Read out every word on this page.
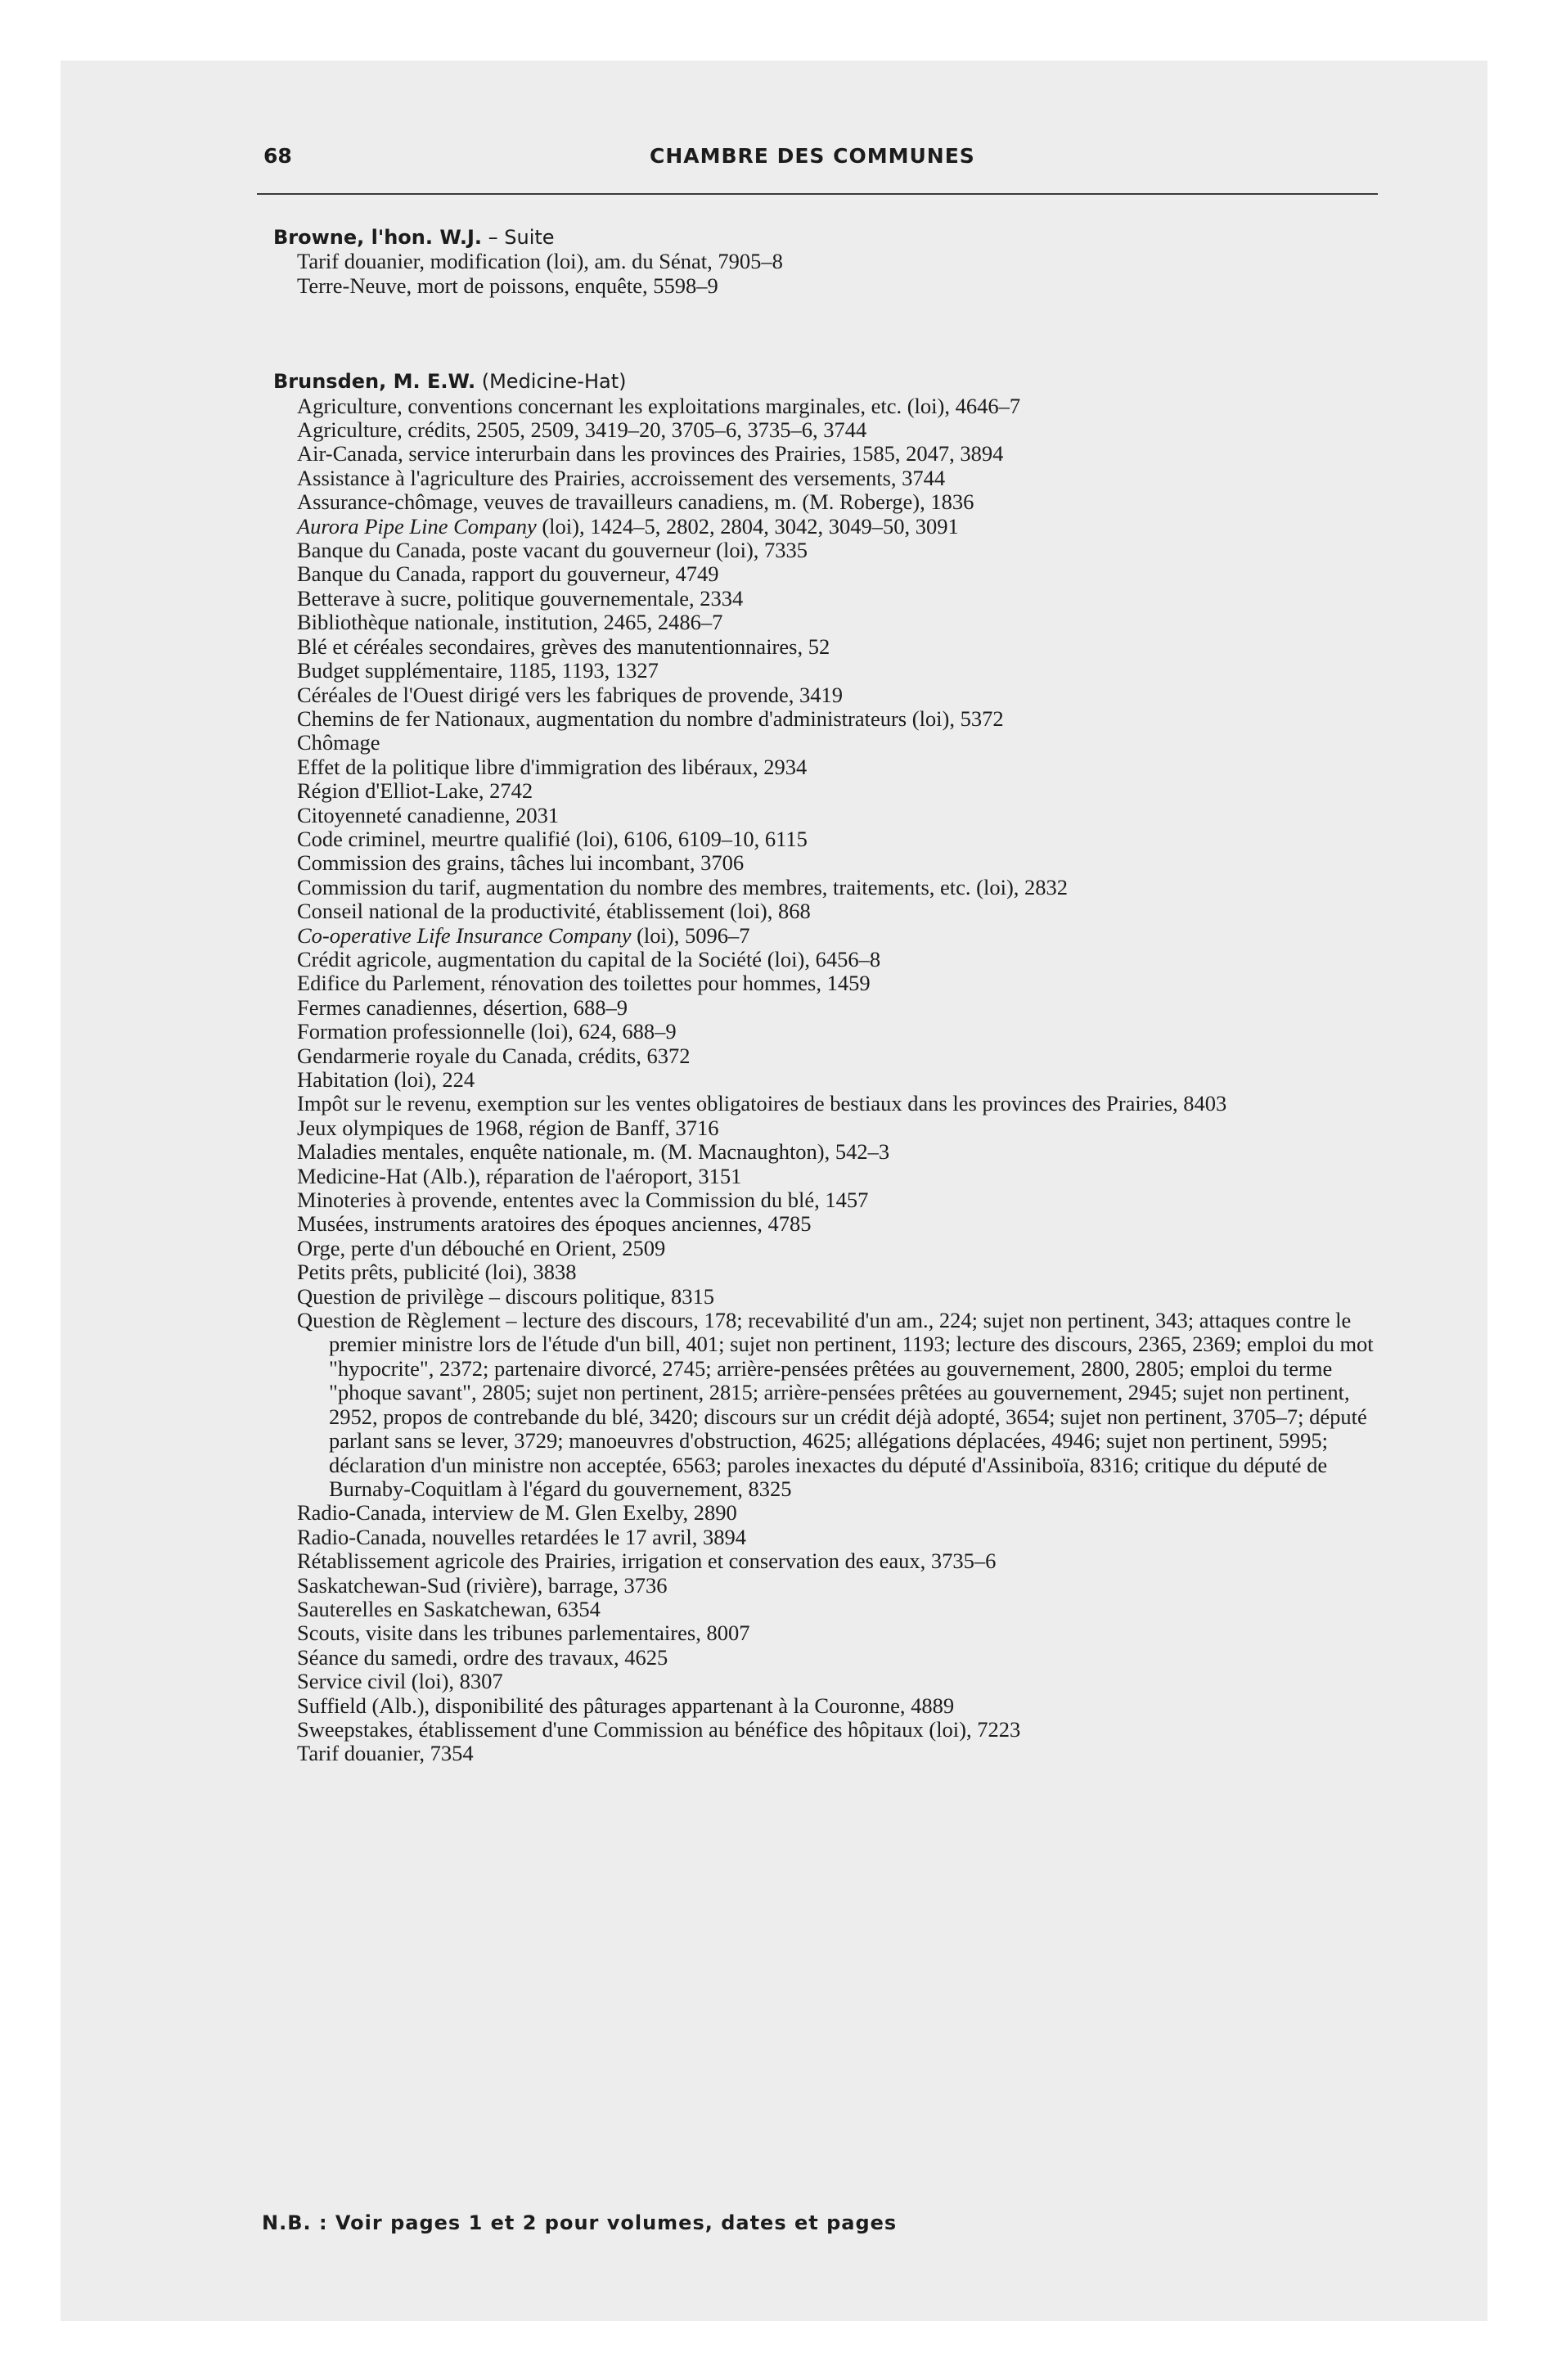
68	CHAMBRE DES COMMUNES
Browne, l'hon. W.J. – Suite
Tarif douanier, modification (loi), am. du Sénat, 7905–8
Terre-Neuve, mort de poissons, enquête, 5598–9
Brunsden, M. E.W. (Medicine-Hat)
Agriculture, conventions concernant les exploitations marginales, etc. (loi), 4646–7
Agriculture, crédits, 2505, 2509, 3419–20, 3705–6, 3735–6, 3744
Air-Canada, service interurbain dans les provinces des Prairies, 1585, 2047, 3894
Assistance à l'agriculture des Prairies, accroissement des versements, 3744
Assurance-chômage, veuves de travailleurs canadiens, m. (M. Roberge), 1836
Aurora Pipe Line Company (loi), 1424–5, 2802, 2804, 3042, 3049–50, 3091
Banque du Canada, poste vacant du gouverneur (loi), 7335
Banque du Canada, rapport du gouverneur, 4749
Betterave à sucre, politique gouvernementale, 2334
Bibliothèque nationale, institution, 2465, 2486–7
Blé et céréales secondaires, grèves des manutentionnaires, 52
Budget supplémentaire, 1185, 1193, 1327
Céréales de l'Ouest dirigé vers les fabriques de provende, 3419
Chemins de fer Nationaux, augmentation du nombre d'administrateurs (loi), 5372
Chômage
Effet de la politique libre d'immigration des libéraux, 2934
Région d'Elliot-Lake, 2742
Citoyenneté canadienne, 2031
Code criminel, meurtre qualifié (loi), 6106, 6109–10, 6115
Commission des grains, tâches lui incombant, 3706
Commission du tarif, augmentation du nombre des membres, traitements, etc. (loi), 2832
Conseil national de la productivité, établissement (loi), 868
Co-operative Life Insurance Company (loi), 5096–7
Crédit agricole, augmentation du capital de la Société (loi), 6456–8
Edifice du Parlement, rénovation des toilettes pour hommes, 1459
Fermes canadiennes, désertion, 688–9
Formation professionnelle (loi), 624, 688–9
Gendarmerie royale du Canada, crédits, 6372
Habitation (loi), 224
Impôt sur le revenu, exemption sur les ventes obligatoires de bestiaux dans les provinces des Prairies, 8403
Jeux olympiques de 1968, région de Banff, 3716
Maladies mentales, enquête nationale, m. (M. Macnaughton), 542–3
Medicine-Hat (Alb.), réparation de l'aéroport, 3151
Minoteries à provende, ententes avec la Commission du blé, 1457
Musées, instruments aratoires des époques anciennes, 4785
Orge, perte d'un débouché en Orient, 2509
Petits prêts, publicité (loi), 3838
Question de privilège – discours politique, 8315
Question de Règlement – lecture des discours, 178; recevabilité d'un am., 224; sujet non pertinent, 343; attaques contre le premier ministre lors de l'étude d'un bill, 401; sujet non pertinent, 1193; lecture des discours, 2365, 2369; emploi du mot "hypocrite", 2372; partenaire divorcé, 2745; arrière-pensées prêtées au gouvernement, 2800, 2805; emploi du terme "phoque savant", 2805; sujet non pertinent, 2815; arrière-pensées prêtées au gouvernement, 2945; sujet non pertinent, 2952, propos de contrebande du blé, 3420; discours sur un crédit déjà adopté, 3654; sujet non pertinent, 3705–7; député parlant sans se lever, 3729; manoeuvres d'obstruction, 4625; allégations déplacées, 4946; sujet non pertinent, 5995; déclaration d'un ministre non acceptée, 6563; paroles inexactes du député d'Assiniboïa, 8316; critique du député de Burnaby-Coquitlam à l'égard du gouvernement, 8325
Radio-Canada, interview de M. Glen Exelby, 2890
Radio-Canada, nouvelles retardées le 17 avril, 3894
Rétablissement agricole des Prairies, irrigation et conservation des eaux, 3735–6
Saskatchewan-Sud (rivière), barrage, 3736
Sauterelles en Saskatchewan, 6354
Scouts, visite dans les tribunes parlementaires, 8007
Séance du samedi, ordre des travaux, 4625
Service civil (loi), 8307
Suffield (Alb.), disponibilité des pâturages appartenant à la Couronne, 4889
Sweepstakes, établissement d'une Commission au bénéfice des hôpitaux (loi), 7223
Tarif douanier, 7354
N.B. : Voir pages 1 et 2 pour volumes, dates et pages
